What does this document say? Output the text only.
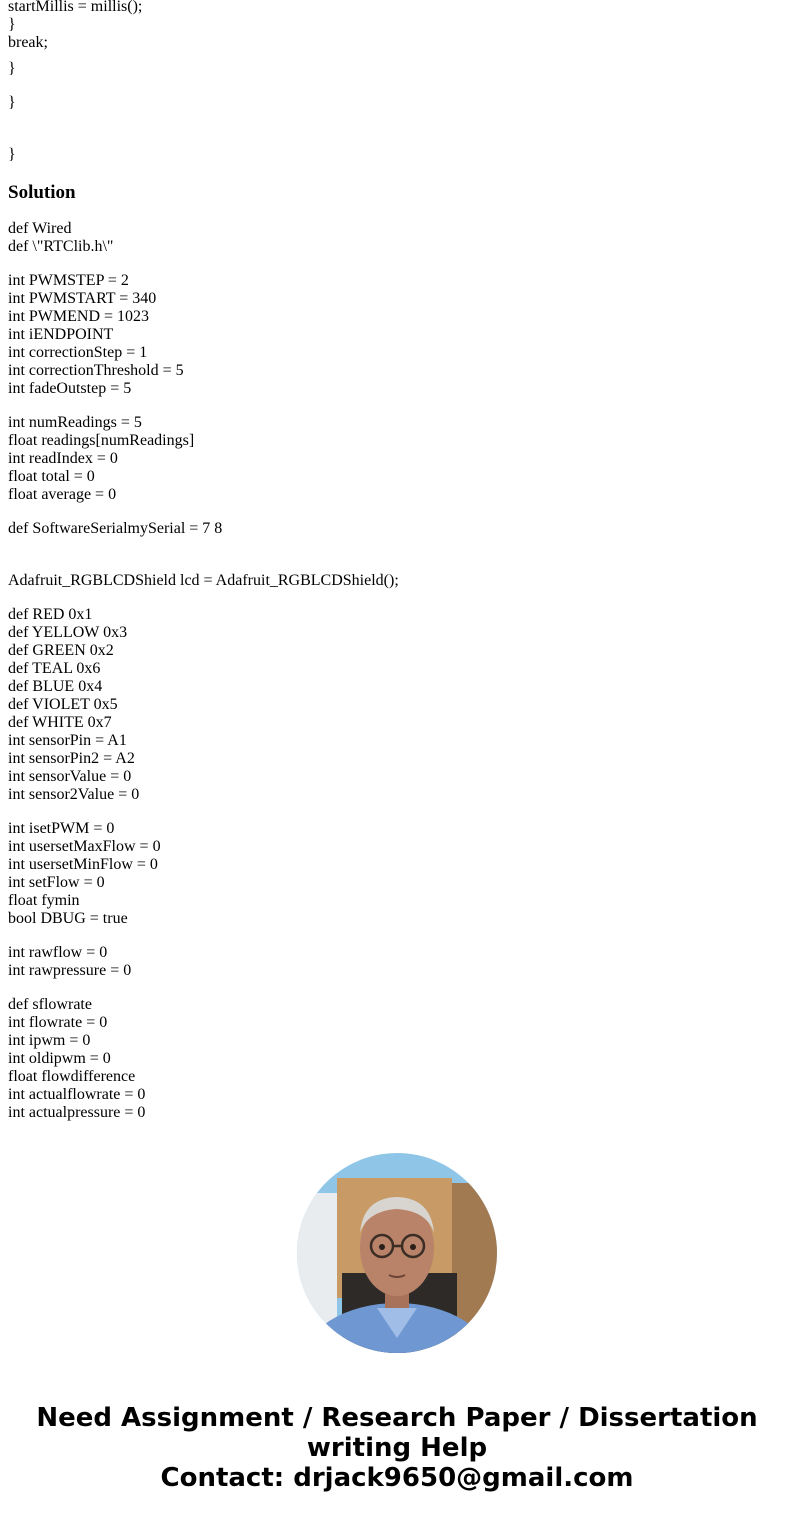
startMillis = millis();
}
break;
}
}
}
Solution
def Wired
def \"RTClib.h\"
int PWMSTEP = 2
int PWMSTART = 340
int PWMEND = 1023
int iENDPOINT
int correctionStep = 1
int correctionThreshold = 5
int fadeOutstep = 5
int numReadings = 5
float readings[numReadings]
int readIndex = 0
float total = 0
float average = 0
def SoftwareSerialmySerial = 7 8
Adafruit_RGBLCDShield lcd = Adafruit_RGBLCDShield();
def RED 0x1
def YELLOW 0x3
def GREEN 0x2
def TEAL 0x6
def BLUE 0x4
def VIOLET 0x5
def WHITE 0x7
int sensorPin = A1
int sensorPin2 = A2
int sensorValue = 0
int sensor2Value = 0
int isetPWM = 0
int usersetMaxFlow = 0
int usersetMinFlow = 0
int setFlow = 0
float fymin
bool DBUG = true
int rawflow = 0
int rawpressure = 0
def sflowrate
int flowrate = 0
int ipwm = 0
int oldipwm = 0
float flowdifference
int actualflowrate = 0
int actualpressure = 0
Need Assignment / Research Paper / Dissertation
writing Help
Contact: drjack9650@gmail.com
